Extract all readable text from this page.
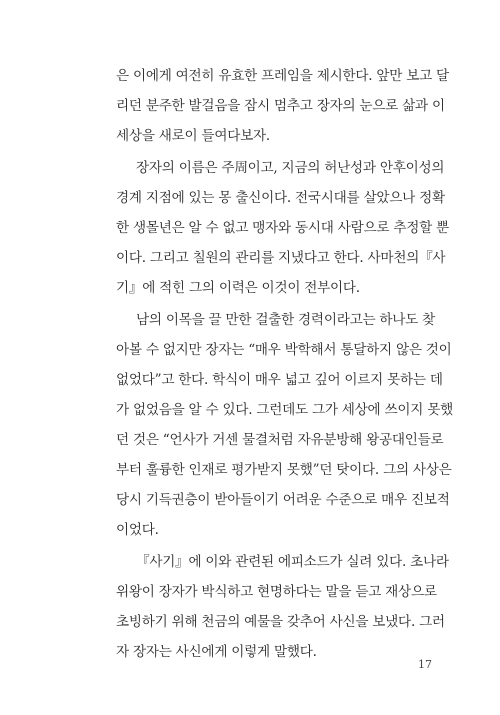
은 이에게 여전히 유효한 프레임을 제시한다. 앞만 보고 달
리던 분주한 발걸음을 잠시 멈추고 장자의 눈으로 삶과 이
세상을 새로이 들여다보자.
장자의 이름은 주周이고, 지금의 허난성과 안후이성의
경계 지점에 있는 몽 출신이다. 전국시대를 살았으나 정확
한 생몰년은 알 수 없고 맹자와 동시대 사람으로 추정할 뿐
이다. 그리고 칠원의 관리를 지냈다고 한다. 사마천의『사
기』에 적힌 그의 이력은 이것이 전부이다.
남의 이목을 끌 만한 걸출한 경력이라고는 하나도 찾
아볼 수 없지만 장자는 “매우 박학해서 통달하지 않은 것이
없었다”고 한다. 학식이 매우 넓고 깊어 이르지 못하는 데
가 없었음을 알 수 있다. 그런데도 그가 세상에 쓰이지 못했
던 것은 “언사가 거센 물결처럼 자유분방해 왕공대인들로
부터 훌륭한 인재로 평가받지 못했”던 탓이다. 그의 사상은
당시 기득권층이 받아들이기 어려운 수준으로 매우 진보적
이었다.
『사기』에 이와 관련된 에피소드가 실려 있다. 초나라
위왕이 장자가 박식하고 현명하다는 말을 듣고 재상으로
초빙하기 위해 천금의 예물을 갖추어 사신을 보냈다. 그러
자 장자는 사신에게 이렇게 말했다.
17
